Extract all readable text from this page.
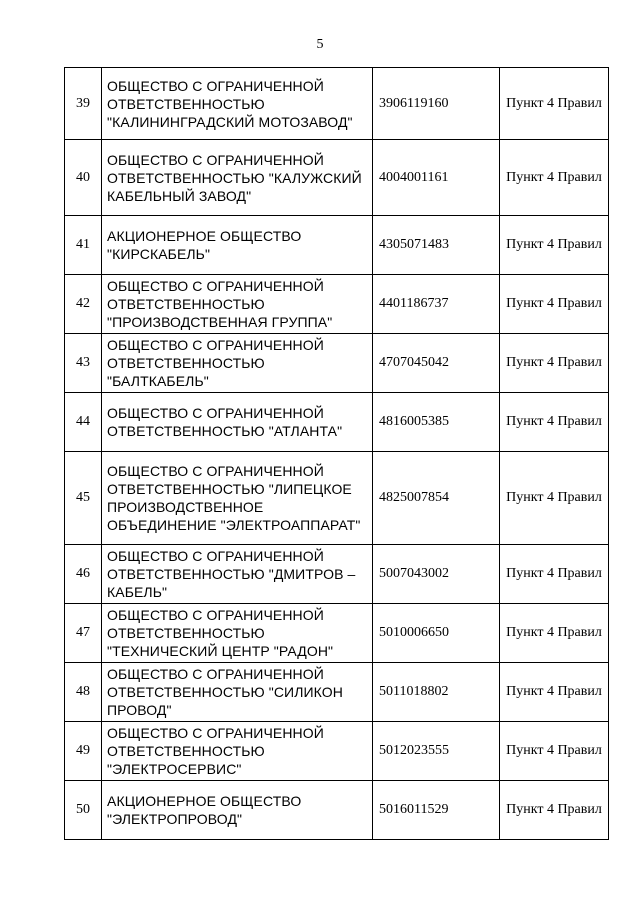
5
39	ОБЩЕСТВО С ОГРАНИЧЕННОЙ ОТВЕТСТВЕННОСТЬЮ "КАЛИНИНГРАДСКИЙ МОТОЗАВОД"	3906119160	Пункт 4 Правил
40	ОБЩЕСТВО С ОГРАНИЧЕННОЙ ОТВЕТСТВЕННОСТЬЮ "КАЛУЖСКИЙ КАБЕЛЬНЫЙ ЗАВОД"	4004001161	Пункт 4 Правил
41	АКЦИОНЕРНОЕ ОБЩЕСТВО "КИРСКАБЕЛЬ"	4305071483	Пункт 4 Правил
42	ОБЩЕСТВО С ОГРАНИЧЕННОЙ ОТВЕТСТВЕННОСТЬЮ "ПРОИЗВОДСТВЕННАЯ ГРУППА"	4401186737	Пункт 4 Правил
43	ОБЩЕСТВО С ОГРАНИЧЕННОЙ ОТВЕТСТВЕННОСТЬЮ "БАЛТКАБЕЛЬ"	4707045042	Пункт 4 Правил
44	ОБЩЕСТВО С ОГРАНИЧЕННОЙ ОТВЕТСТВЕННОСТЬЮ "АТЛАНТА"	4816005385	Пункт 4 Правил
45	ОБЩЕСТВО С ОГРАНИЧЕННОЙ ОТВЕТСТВЕННОСТЬЮ "ЛИПЕЦКОЕ ПРОИЗВОДСТВЕННОЕ ОБЪЕДИНЕНИЕ "ЭЛЕКТРОАППАРАТ"	4825007854	Пункт 4 Правил
46	ОБЩЕСТВО С ОГРАНИЧЕННОЙ ОТВЕТСТВЕННОСТЬЮ "ДМИТРОВ – КАБЕЛЬ"	5007043002	Пункт 4 Правил
47	ОБЩЕСТВО С ОГРАНИЧЕННОЙ ОТВЕТСТВЕННОСТЬЮ "ТЕХНИЧЕСКИЙ ЦЕНТР "РАДОН"	5010006650	Пункт 4 Правил
48	ОБЩЕСТВО С ОГРАНИЧЕННОЙ ОТВЕТСТВЕННОСТЬЮ "СИЛИКОН ПРОВОД"	5011018802	Пункт 4 Правил
49	ОБЩЕСТВО С ОГРАНИЧЕННОЙ ОТВЕТСТВЕННОСТЬЮ "ЭЛЕКТРОСЕРВИС"	5012023555	Пункт 4 Правил
50	АКЦИОНЕРНОЕ ОБЩЕСТВО "ЭЛЕКТРОПРОВОД"	5016011529	Пункт 4 Правил
